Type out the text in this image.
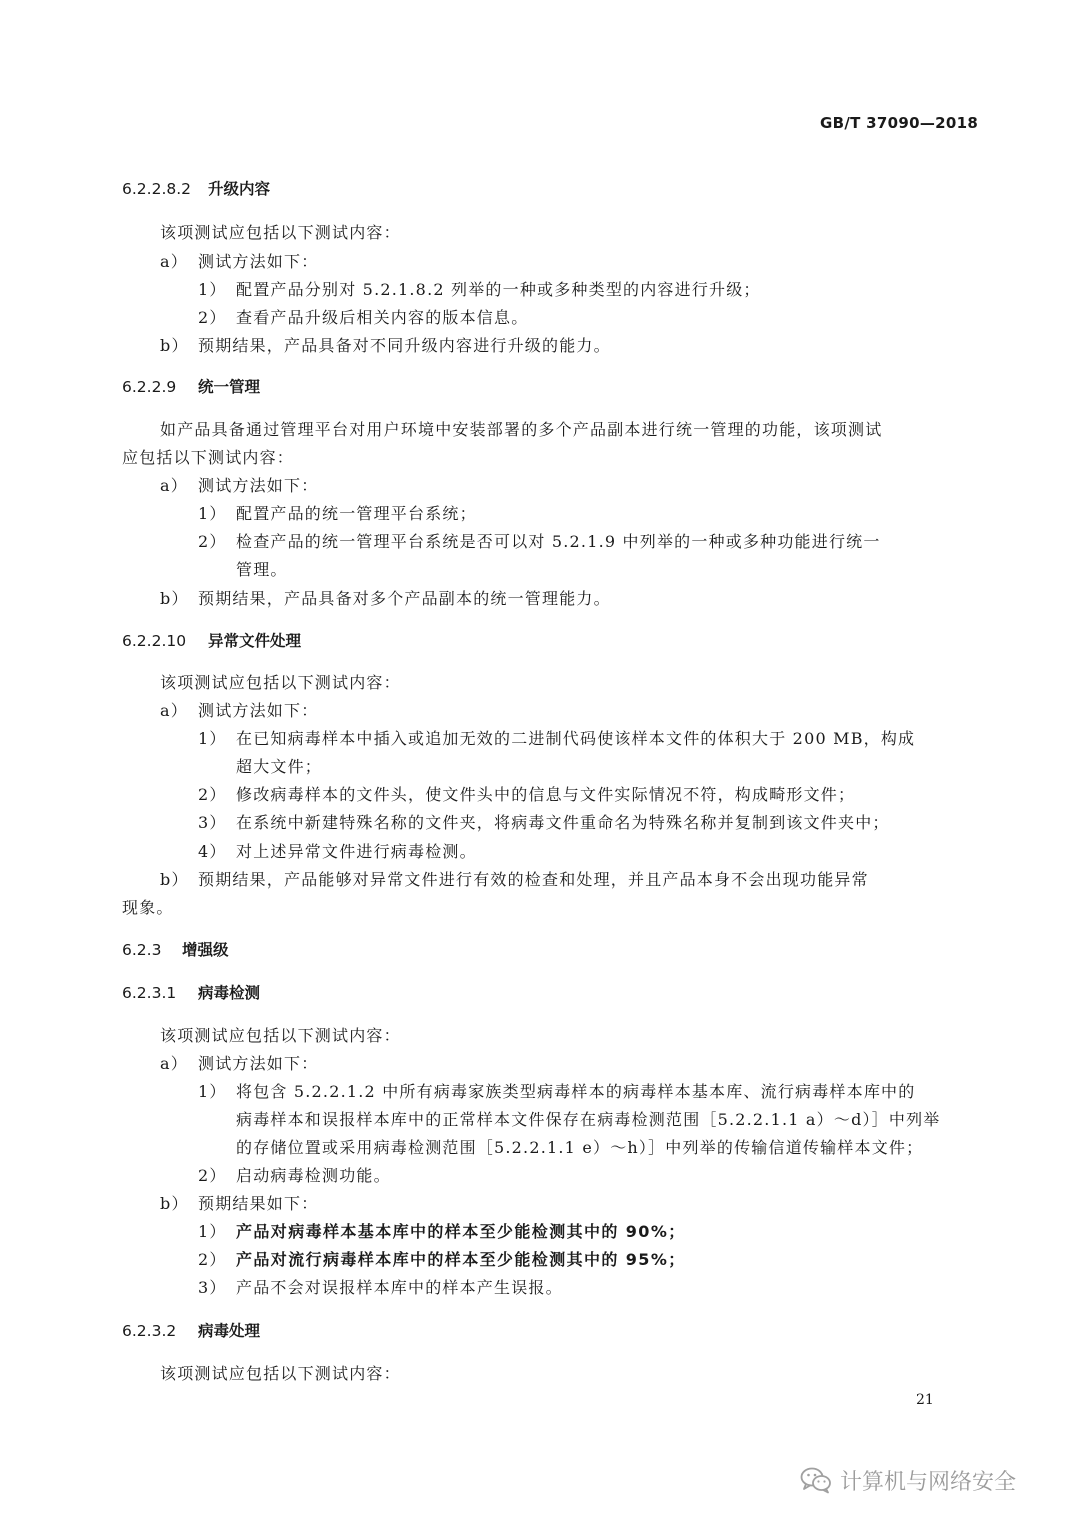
GB/T 37090—2018
6.2.2.8.2 升级内容
该项测试应包括以下测试内容：
a） 测试方法如下：
1） 配置产品分别对 5.2.1.8.2 列举的一种或多种类型的内容进行升级；
2） 查看产品升级后相关内容的版本信息。
b） 预期结果，产品具备对不同升级内容进行升级的能力。
6.2.2.9 统一管理
如产品具备通过管理平台对用户环境中安装部署的多个产品副本进行统一管理的功能，该项测试
应包括以下测试内容：
a） 测试方法如下：
1） 配置产品的统一管理平台系统；
2） 检查产品的统一管理平台系统是否可以对 5.2.1.9 中列举的一种或多种功能进行统一
管理。
b） 预期结果，产品具备对多个产品副本的统一管理能力。
6.2.2.10 异常文件处理
该项测试应包括以下测试内容：
a） 测试方法如下：
1） 在已知病毒样本中插入或追加无效的二进制代码使该样本文件的体积大于 200 MB，构成
超大文件；
2） 修改病毒样本的文件头，使文件头中的信息与文件实际情况不符，构成畸形文件；
3） 在系统中新建特殊名称的文件夹，将病毒文件重命名为特殊名称并复制到该文件夹中；
4） 对上述异常文件进行病毒检测。
b） 预期结果，产品能够对异常文件进行有效的检查和处理，并且产品本身不会出现功能异常
现象。
6.2.3 增强级
6.2.3.1 病毒检测
该项测试应包括以下测试内容：
a） 测试方法如下：
1） 将包含 5.2.2.1.2 中所有病毒家族类型病毒样本的病毒样本基本库、流行病毒样本库中的
病毒样本和误报样本库中的正常样本文件保存在病毒检测范围［5.2.2.1.1 a）～d）］中列举
的存储位置或采用病毒检测范围［5.2.2.1.1 e）～h）］中列举的传输信道传输样本文件；
2） 启动病毒检测功能。
b） 预期结果如下：
1） 产品对病毒样本基本库中的样本至少能检测其中的 90%；
2） 产品对流行病毒样本库中的样本至少能检测其中的 95%；
3） 产品不会对误报样本库中的样本产生误报。
6.2.3.2 病毒处理
该项测试应包括以下测试内容：
21
计算机与网络安全
